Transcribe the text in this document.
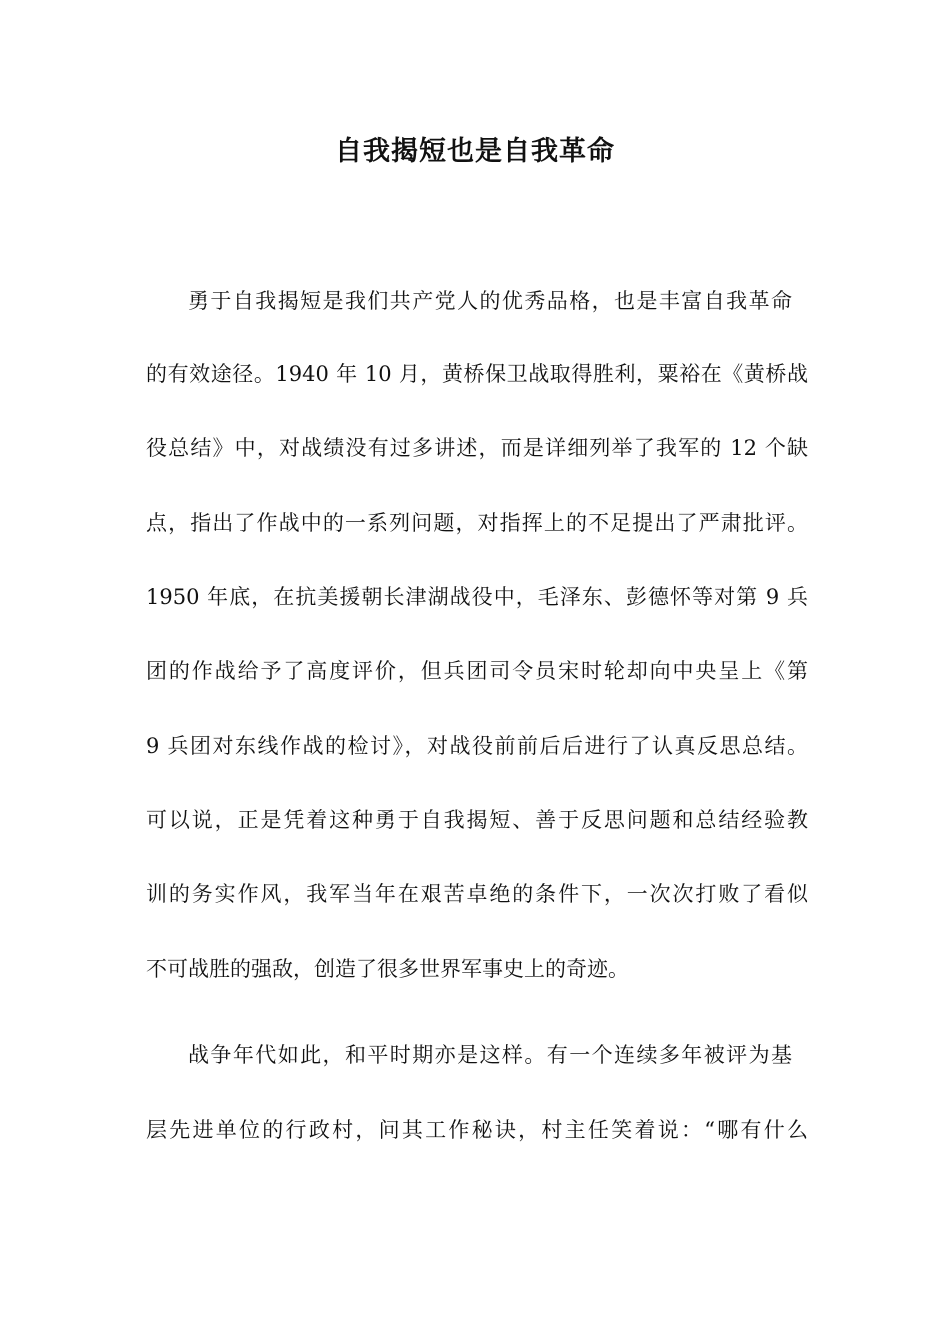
自我揭短也是自我革命

勇于自我揭短是我们共产党人的优秀品格，也是丰富自我革命

的有效途径。1940 年 10 月，黄桥保卫战取得胜利，粟裕在《黄桥战

役总结》中，对战绩没有过多讲述，而是详细列举了我军的 12 个缺

点，指出了作战中的一系列问题，对指挥上的不足提出了严肃批评。

1950 年底，在抗美援朝长津湖战役中，毛泽东、彭德怀等对第 9 兵

团的作战给予了高度评价，但兵团司令员宋时轮却向中央呈上《第

9 兵团对东线作战的检讨》，对战役前前后后进行了认真反思总结。

可以说，正是凭着这种勇于自我揭短、善于反思问题和总结经验教

训的务实作风，我军当年在艰苦卓绝的条件下，一次次打败了看似

不可战胜的强敌，创造了很多世界军事史上的奇迹。

战争年代如此，和平时期亦是这样。有一个连续多年被评为基

层先进单位的行政村，问其工作秘诀，村主任笑着说：“哪有什么
